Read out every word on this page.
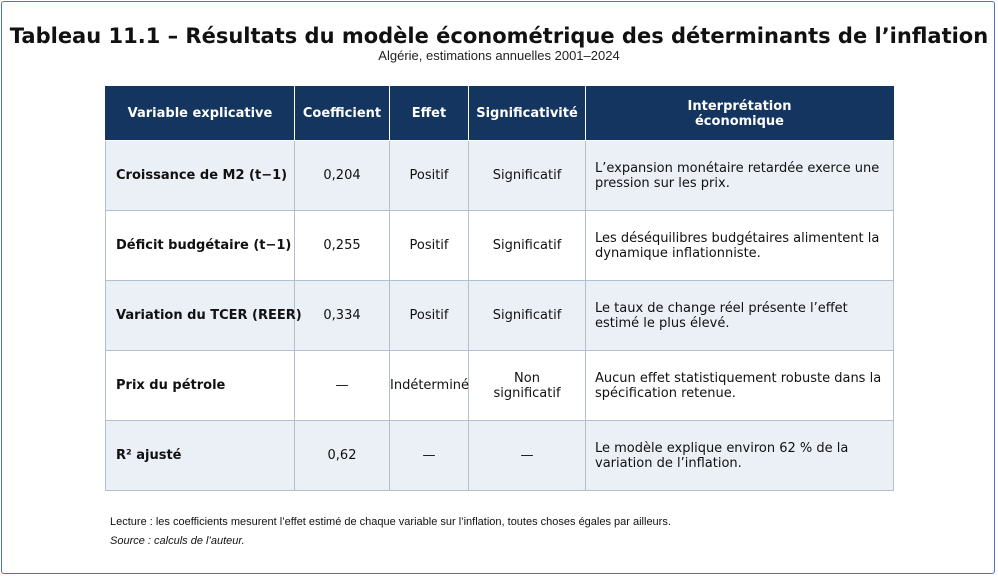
Tableau 11.1 – Résultats du modèle économétrique des déterminants de l’inflation
Algérie, estimations annuelles 2001–2024
Variable explicative	Coefficient	Effet	Significativité	Interprétation économique
Croissance de M2 (t−1)	0,204	Positif	Significatif	L’expansion monétaire retardée exerce une pression sur les prix.
Déficit budgétaire (t−1)	0,255	Positif	Significatif	Les déséquilibres budgétaires alimentent la dynamique inflationniste.
Variation du TCER (REER)	0,334	Positif	Significatif	Le taux de change réel présente l’effet estimé le plus élevé.
Prix du pétrole	—	Indéterminé	Non significatif	Aucun effet statistiquement robuste dans la spécification retenue.
R² ajusté	0,62	—	—	Le modèle explique environ 62 % de la variation de l’inflation.
Lecture : les coefficients mesurent l’effet estimé de chaque variable sur l’inflation, toutes choses égales par ailleurs.
Source : calculs de l’auteur.
